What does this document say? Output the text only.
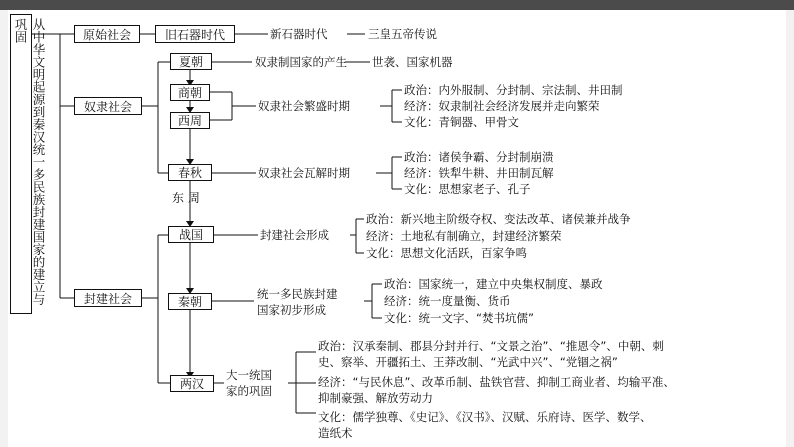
从中华文明起源到秦汉统一多民族封建国家的建立与巩固	原始社会
奴隶社会
封建社会
旧石器时代	新石器时代	三皇五帝传说
夏朝
商朝
西周
春秋
东 周
战国
秦朝
两汉
奴隶制国家的产生 世袭、国家机器
奴隶社会繁盛时期
政治：内外服制、分封制、宗法制、井田制
经济：奴隶制社会经济发展并走向繁荣
文化：青铜器、甲骨文
奴隶社会瓦解时期
政治：诸侯争霸、分封制崩溃
经济：铁犁牛耕、井田制瓦解
文化：思想家老子、孔子
封建社会形成
政治：新兴地主阶级夺权、变法改革、诸侯兼并战争
经济：土地私有制确立，封建经济繁荣
文化：思想文化活跃，百家争鸣
统一多民族封建
国家初步形成
政治：国家统一，建立中央集权制度、暴政
经济：统一度量衡、货币
文化：统一文字、“焚书坑儒”
大一统国
家的巩固
政治：汉承秦制、郡县分封并行、“文景之治”、“推恩令”、中朝、刺
史、察举、开疆拓土、王莽改制、“光武中兴”、“党锢之祸”
经济：“与民休息”、改革币制、盐铁官营、抑制工商业者、均输平准、
抑制豪强、解放劳动力
文化：儒学独尊、《史记》、《汉书》、汉赋、乐府诗、医学、数学、
造纸术
